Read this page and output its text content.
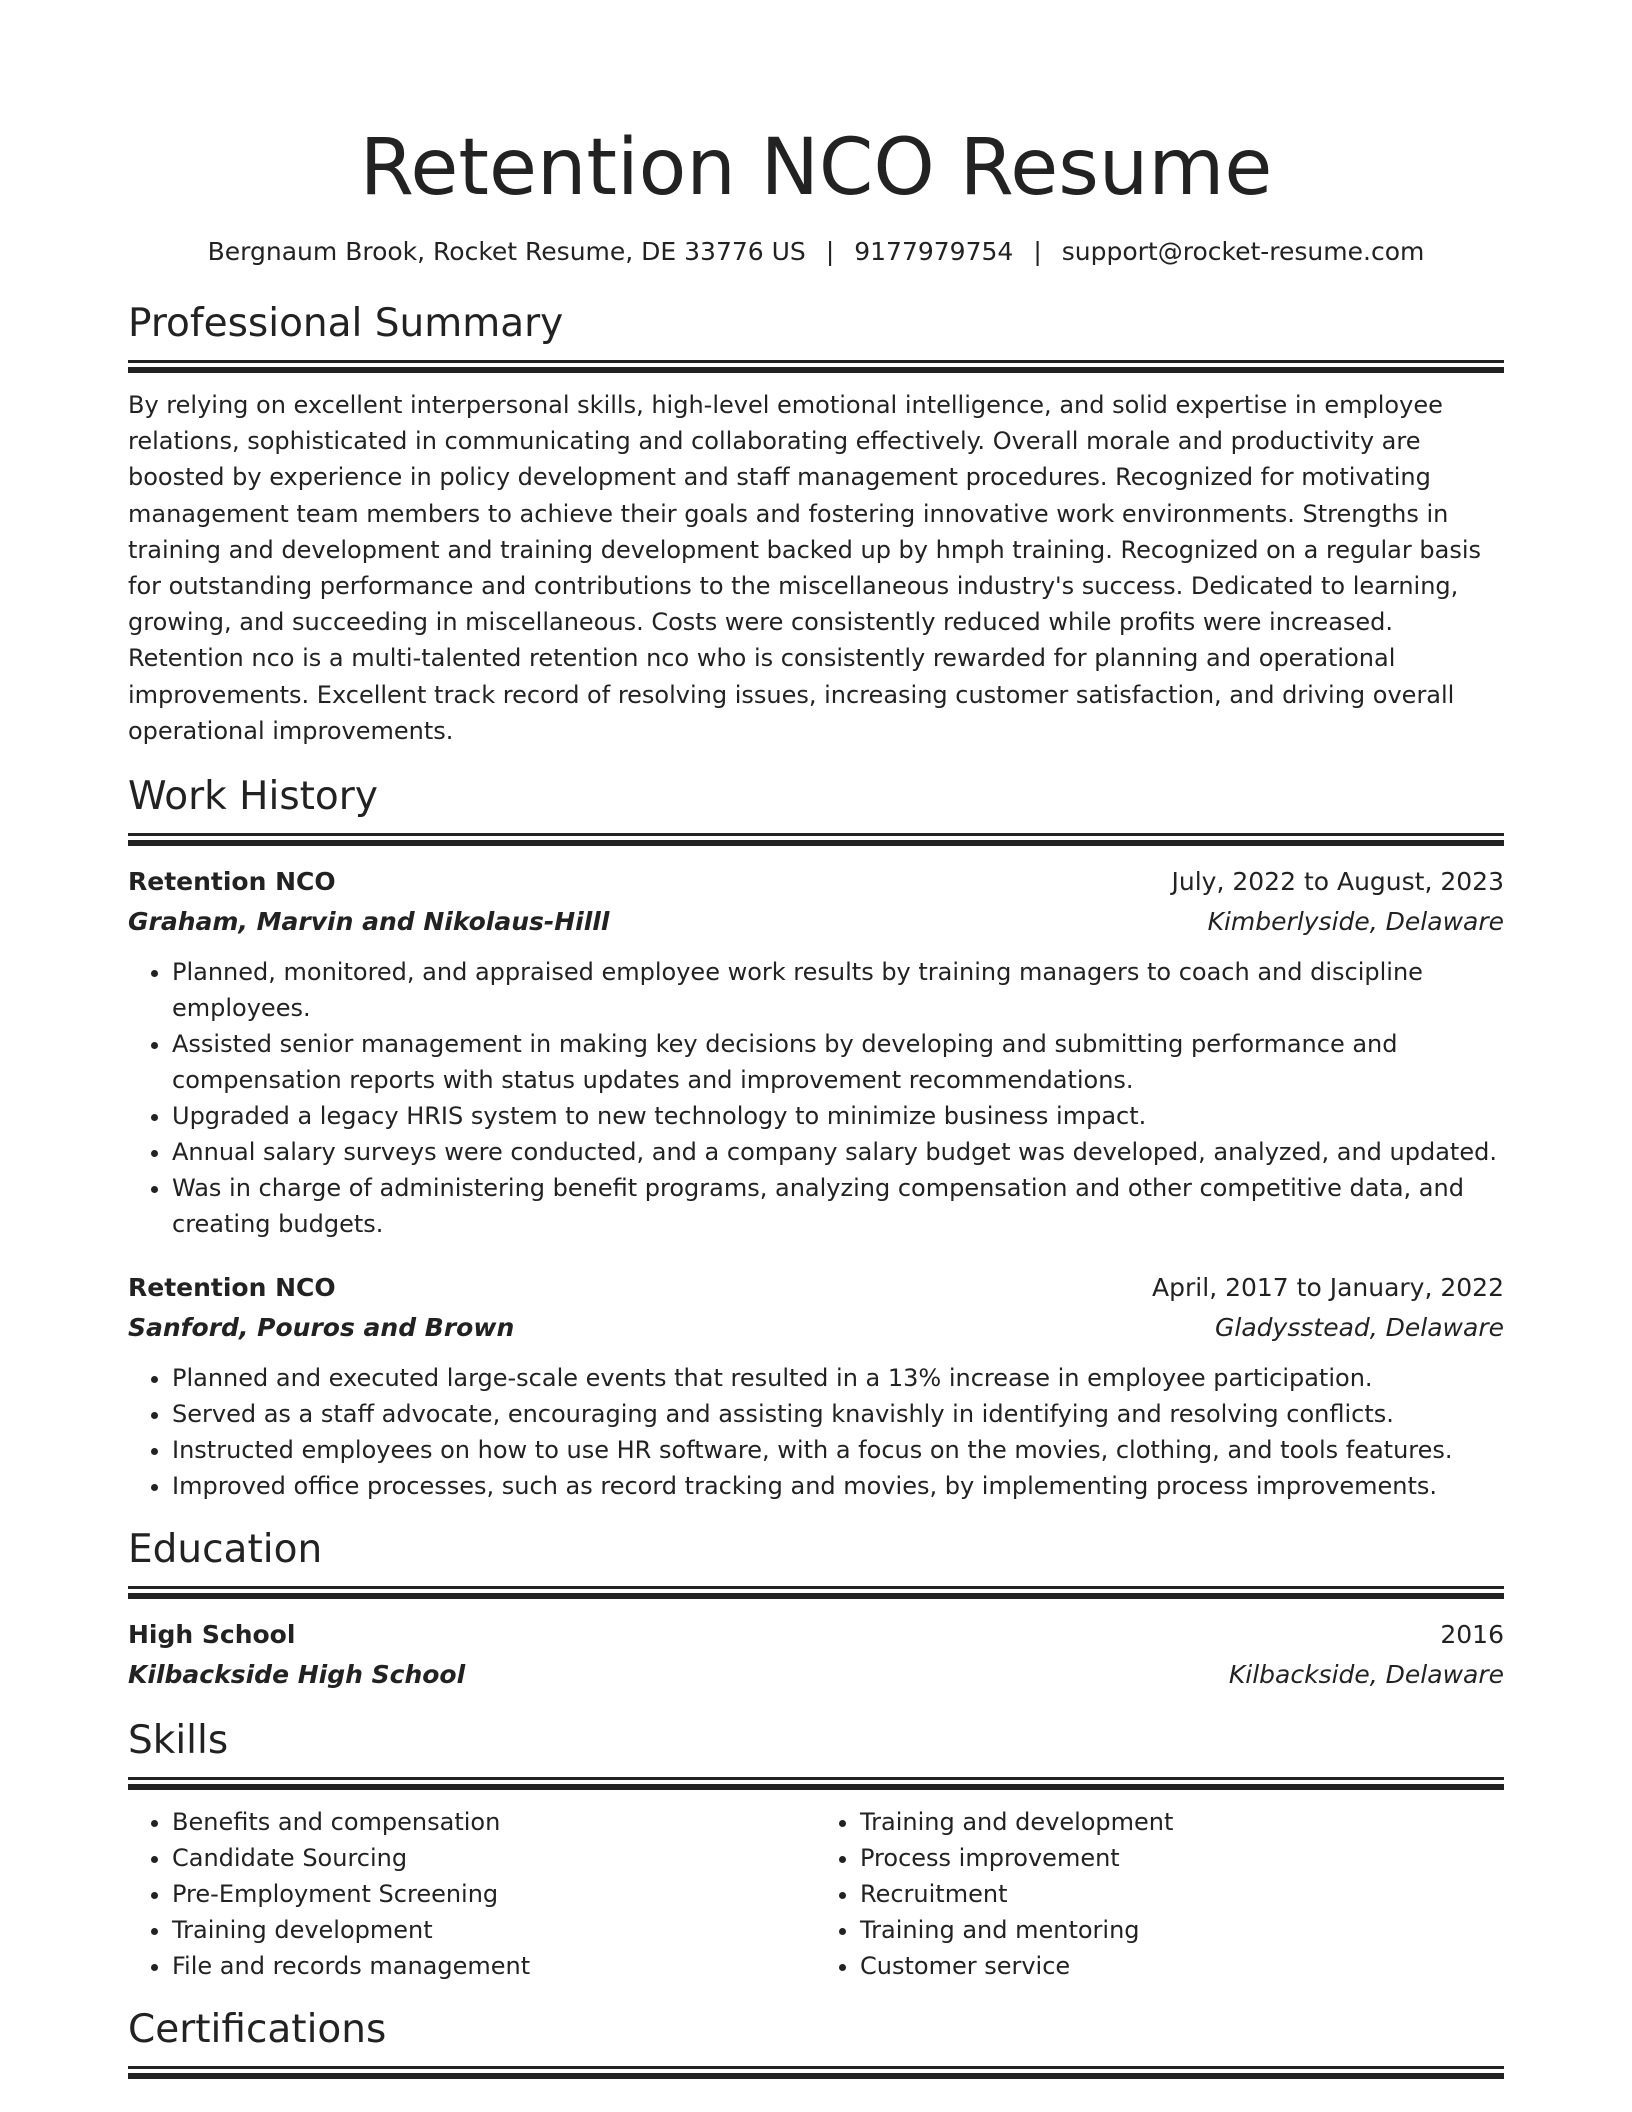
Retention NCO Resume
Bergnaum Brook, Rocket Resume, DE 33776 US | 9177979754 | support@rocket-resume.com
Professional Summary
By relying on excellent interpersonal skills, high-level emotional intelligence, and solid expertise in employee relations, sophisticated in communicating and collaborating effectively. Overall morale and productivity are boosted by experience in policy development and staff management procedures. Recognized for motivating management team members to achieve their goals and fostering innovative work environments. Strengths in training and development and training development backed up by hmph training. Recognized on a regular basis for outstanding performance and contributions to the miscellaneous industry's success. Dedicated to learning, growing, and succeeding in miscellaneous. Costs were consistently reduced while profits were increased. Retention nco is a multi-talented retention nco who is consistently rewarded for planning and operational improvements. Excellent track record of resolving issues, increasing customer satisfaction, and driving overall operational improvements.
Work History
Retention NCO	July, 2022 to August, 2023
Graham, Marvin and Nikolaus-Hilll	Kimberlyside, Delaware
• Planned, monitored, and appraised employee work results by training managers to coach and discipline employees.
• Assisted senior management in making key decisions by developing and submitting performance and compensation reports with status updates and improvement recommendations.
• Upgraded a legacy HRIS system to new technology to minimize business impact.
• Annual salary surveys were conducted, and a company salary budget was developed, analyzed, and updated.
• Was in charge of administering benefit programs, analyzing compensation and other competitive data, and creating budgets.
Retention NCO	April, 2017 to January, 2022
Sanford, Pouros and Brown	Gladysstead, Delaware
• Planned and executed large-scale events that resulted in a 13% increase in employee participation.
• Served as a staff advocate, encouraging and assisting knavishly in identifying and resolving conflicts.
• Instructed employees on how to use HR software, with a focus on the movies, clothing, and tools features.
• Improved office processes, such as record tracking and movies, by implementing process improvements.
Education
High School	2016
Kilbackside High School	Kilbackside, Delaware
Skills
• Benefits and compensation
• Candidate Sourcing
• Pre-Employment Screening
• Training development
• File and records management
• Training and development
• Process improvement
• Recruitment
• Training and mentoring
• Customer service
Certifications
